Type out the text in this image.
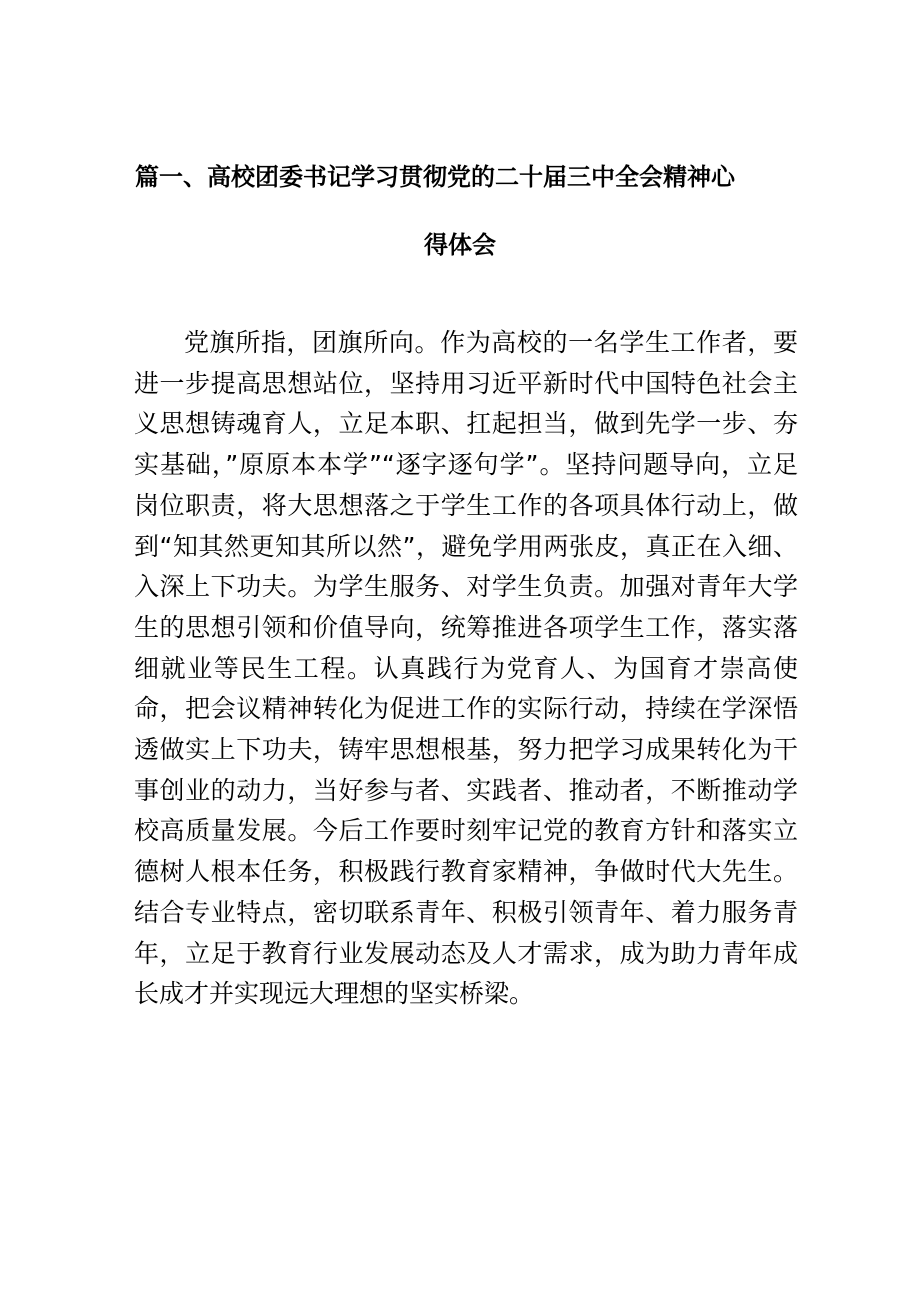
篇一、高校团委书记学习贯彻党的二十届三中全会精神心
得体会

党旗所指，团旗所向。作为高校的一名学生工作者，要进一步提高思想站位，坚持用习近平新时代中国特色社会主义思想铸魂育人，立足本职、扛起担当，做到先学一步、夯实基础，”原原本本学”“逐字逐句学”。坚持问题导向，立足岗位职责，将大思想落之于学生工作的各项具体行动上，做到“知其然更知其所以然”，避免学用两张皮，真正在入细、入深上下功夫。为学生服务、对学生负责。加强对青年大学生的思想引领和价值导向，统筹推进各项学生工作，落实落细就业等民生工程。认真践行为党育人、为国育才崇高使命，把会议精神转化为促进工作的实际行动，持续在学深悟透做实上下功夫，铸牢思想根基，努力把学习成果转化为干事创业的动力，当好参与者、实践者、推动者，不断推动学校高质量发展。今后工作要时刻牢记党的教育方针和落实立德树人根本任务，积极践行教育家精神，争做时代大先生。结合专业特点，密切联系青年、积极引领青年、着力服务青年，立足于教育行业发展动态及人才需求，成为助力青年成长成才并实现远大理想的坚实桥梁。
